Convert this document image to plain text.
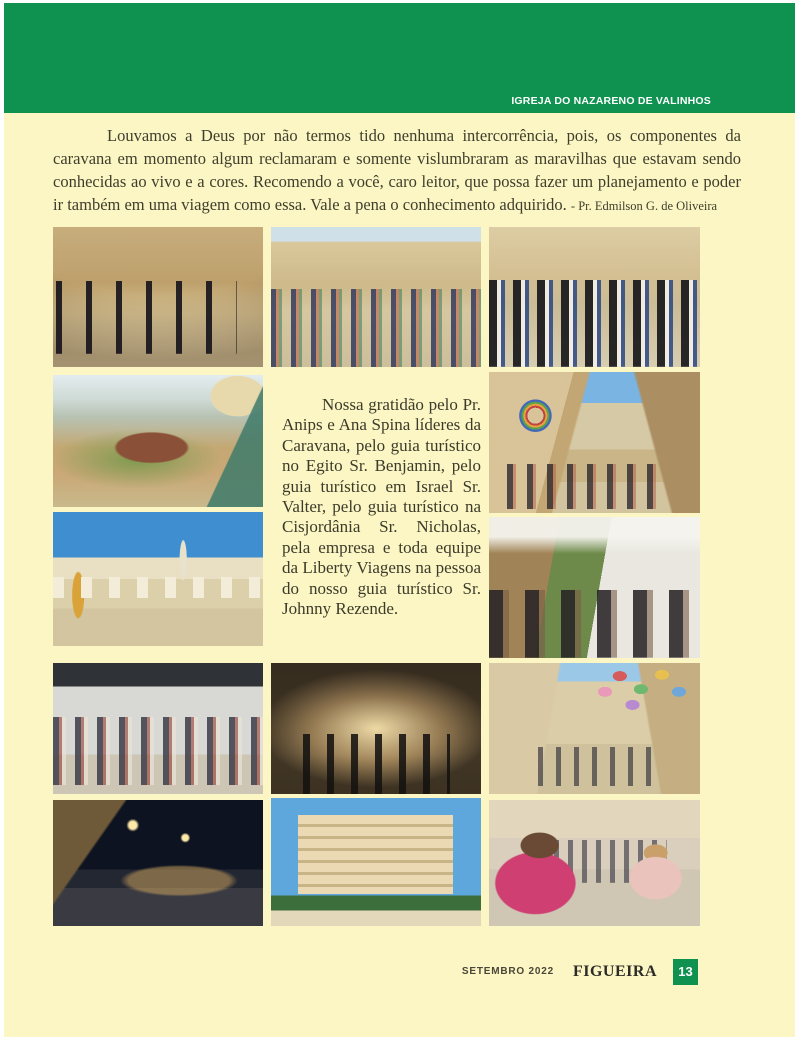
IGREJA DO NAZARENO DE VALINHOS

Louvamos a Deus por não termos tido nenhuma intercorrência, pois, os componentes da caravana em momento algum reclamaram e somente vislumbraram as maravilhas que estavam sendo conhecidas ao vivo e a cores. Recomendo a você, caro leitor, que possa fazer um planejamento e poder ir também em uma viagem como essa. Vale a pena o conhecimento adquirido. - Pr. Edmilson G. de Oliveira

Nossa gratidão pelo Pr. Anips e Ana Spina líderes da Caravana, pelo guia turístico no Egito Sr. Benjamin, pelo guia turístico em Israel Sr. Valter, pelo guia turístico na Cisjordânia Sr. Nicholas, pela empresa e toda equipe da Liberty Viagens na pessoa do nosso guia turístico Sr. Johnny Rezende.
SETEMBRO 2022 FIGUEIRA	13
